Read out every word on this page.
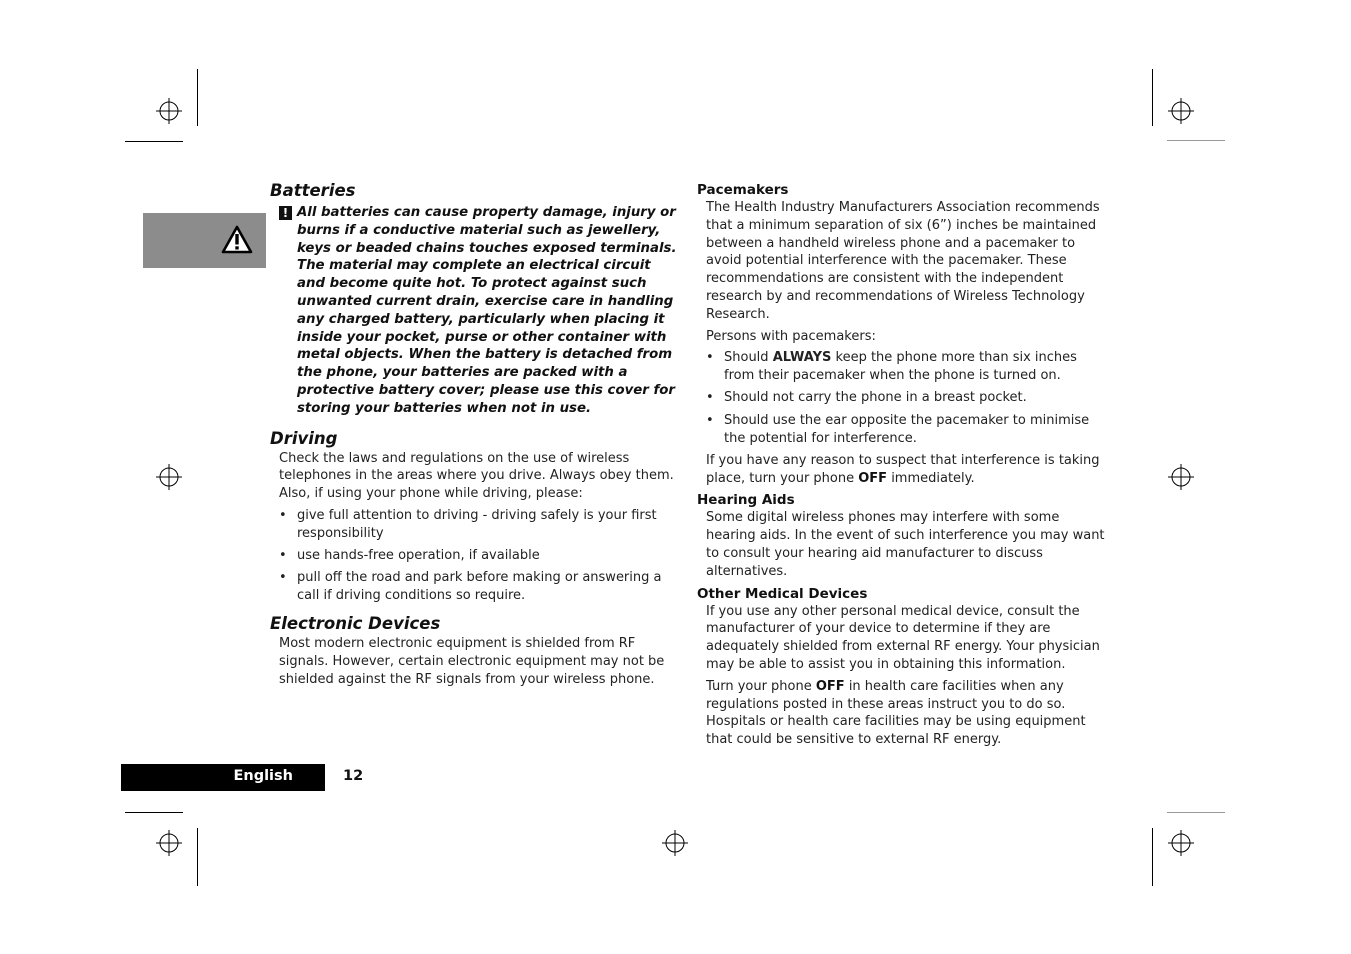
Batteries
! All batteries can cause property damage, injury or burns if a conductive material such as jewellery, keys or beaded chains touches exposed terminals. The material may complete an electrical circuit and become quite hot. To protect against such unwanted current drain, exercise care in handling any charged battery, particularly when placing it inside your pocket, purse or other container with metal objects. When the battery is detached from the phone, your batteries are packed with a protective battery cover; please use this cover for storing your batteries when not in use.
Driving

Check the laws and regulations on the use of wireless telephones in the areas where you drive. Always obey them. Also, if using your phone while driving, please:

• give full attention to driving - driving safely is your first responsibility
• use hands-free operation, if available
• pull off the road and park before making or answering a call if driving conditions so require.
Electronic Devices

Most modern electronic equipment is shielded from RF signals. However, certain electronic equipment may not be shielded against the RF signals from your wireless phone.

Pacemakers

The Health Industry Manufacturers Association recommends that a minimum separation of six (6”) inches be maintained between a handheld wireless phone and a pacemaker to avoid potential interference with the pacemaker. These recommendations are consistent with the independent research by and recommendations of Wireless Technology Research.

Persons with pacemakers:

• Should ALWAYS keep the phone more than six inches from their pacemaker when the phone is turned on.
• Should not carry the phone in a breast pocket.
• Should use the ear opposite the pacemaker to minimise the potential for interference.

If you have any reason to suspect that interference is taking place, turn your phone OFF immediately.

Hearing Aids

Some digital wireless phones may interfere with some hearing aids. In the event of such interference you may want to consult your hearing aid manufacturer to discuss alternatives.

Other Medical Devices

If you use any other personal medical device, consult the manufacturer of your device to determine if they are adequately shielded from external RF energy. Your physician may be able to assist you in obtaining this information.

Turn your phone OFF in health care facilities when any regulations posted in these areas instruct you to do so. Hospitals or health care facilities may be using equipment that could be sensitive to external RF energy.

English	12
